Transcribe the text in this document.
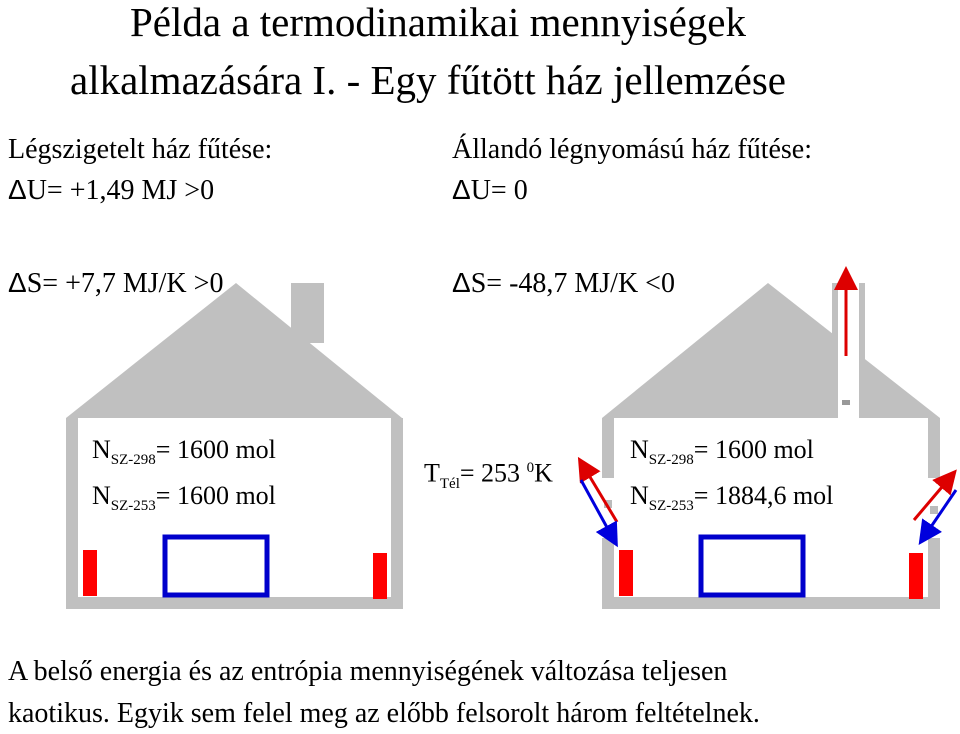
Példa a termodinamikai mennyiségek
alkalmazására I. - Egy fűtött ház jellemzése
Légszigetelt ház fűtése:
ΔU= +1,49 MJ >0
ΔS= +7,7 MJ/K >0
Állandó légnyomású ház fűtése:
ΔU= 0
ΔS= -48,7 MJ/K <0
$N_{SZ-298}= 1600$ mol
$N_{SZ-253}= 1600$ mol
$T_{Tél}= 253$ $^0$K
$N_{SZ-298}= 1600$ mol
$N_{SZ-253}= 1884,6$ mol
A belső energia és az entrópia mennyiségének változása teljesen
kaotikus. Egyik sem felel meg az előbb felsorolt három feltételnek.
